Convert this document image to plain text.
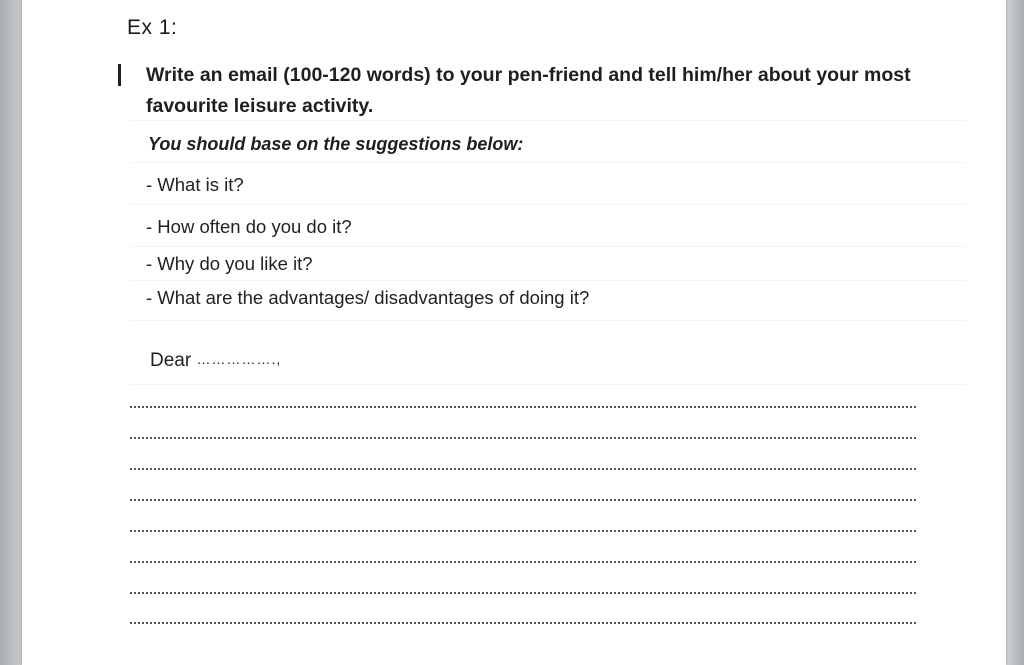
Ex 1:
Write an email (100-120 words) to your pen-friend and tell him/her about your most favourite leisure activity.
You should base on the suggestions below:
- What is it?
- How often do you do it?
- Why do you like it?
- What are the advantages/ disadvantages of doing it?
Dear …………….,
